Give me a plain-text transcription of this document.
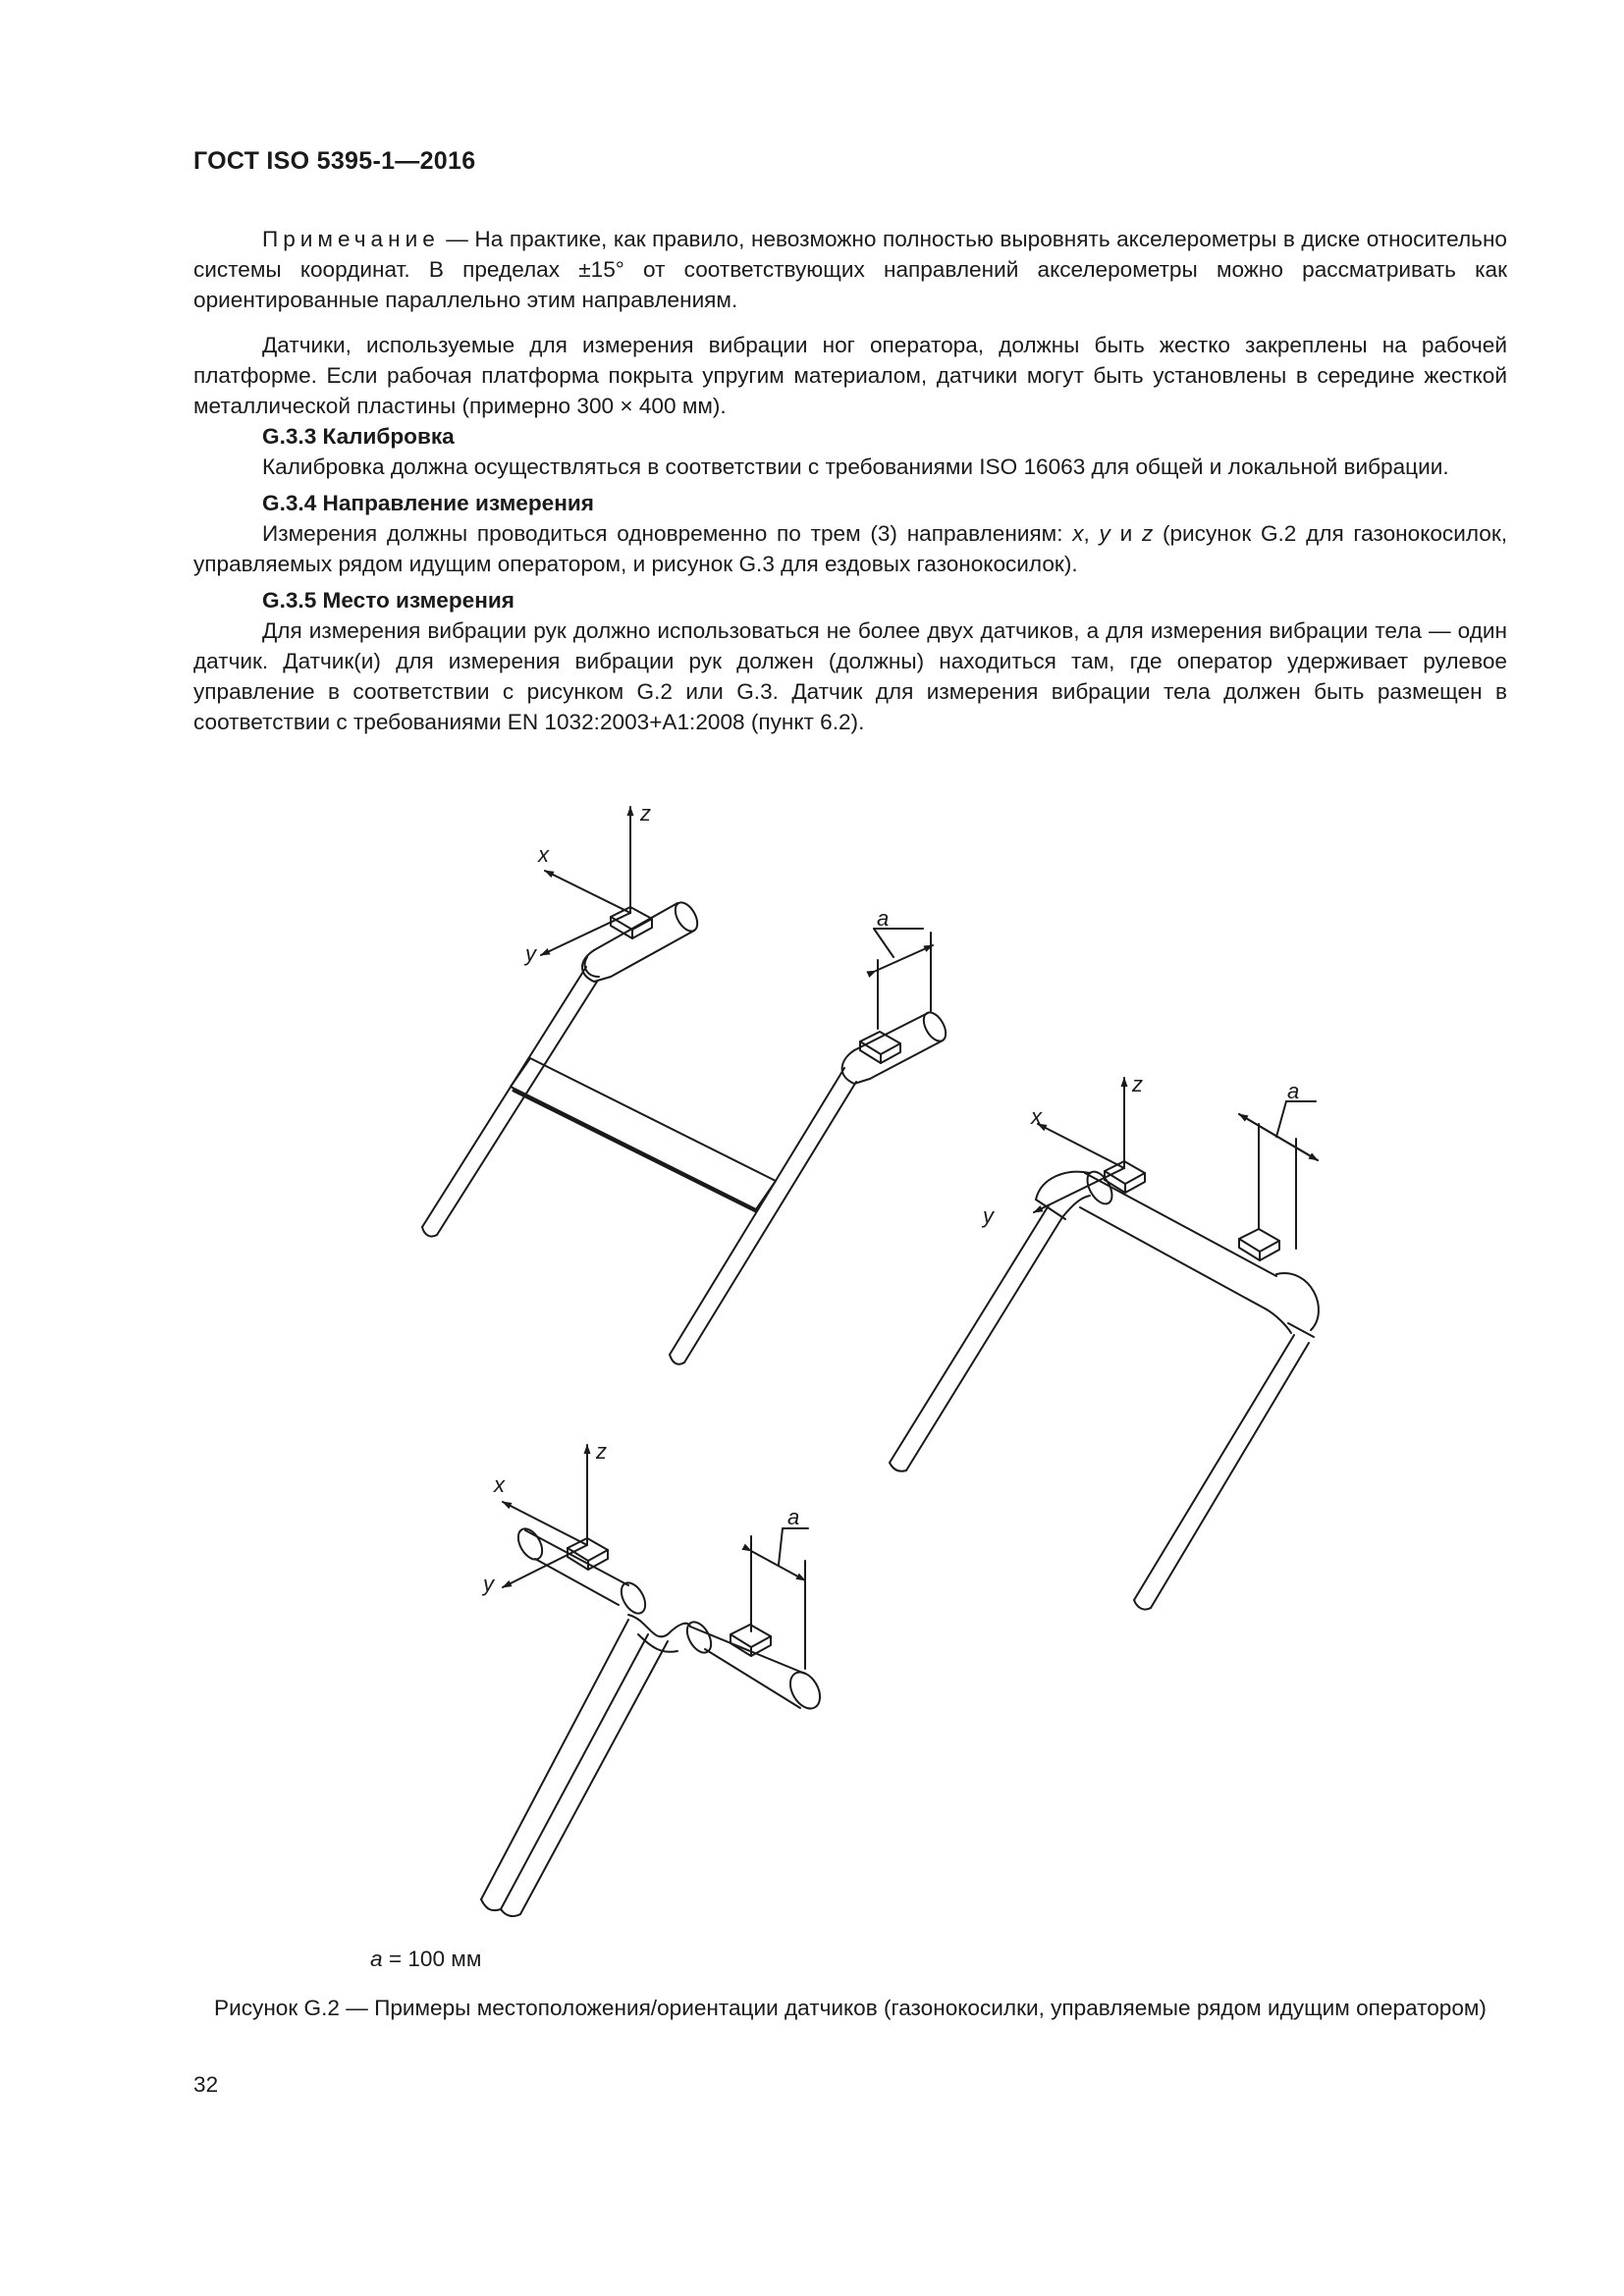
ГОСТ ISO 5395-1—2016

Примечание — На практике, как правило, невозможно полностью выровнять акселерометры в диске относительно системы координат. В пределах ±15° от соответствующих направлений акселерометры можно рассматривать как ориентированные параллельно этим направлениям.

Датчики, используемые для измерения вибрации ног оператора, должны быть жестко закреплены на рабочей платформе. Если рабочая платформа покрыта упругим материалом, датчики могут быть установлены в середине жесткой металлической пластины (примерно 300 × 400 мм).

G.3.3 Калибровка

Калибровка должна осуществляться в соответствии с требованиями ISO 16063 для общей и локальной вибрации.

G.3.4 Направление измерения

Измерения должны проводиться одновременно по трем (3) направлениям: x, y и z (рисунок G.2 для газонокосилок, управляемых рядом идущим оператором, и рисунок G.3 для ездовых газонокосилок).

G.3.5 Место измерения

Для измерения вибрации рук должно использоваться не более двух датчиков, а для измерения вибрации тела — один датчик. Датчик(и) для измерения вибрации рук должен (должны) находиться там, где оператор удерживает рулевое управление в соответствии с рисунком G.2 или G.3. Датчик для измерения вибрации тела должен быть размещен в соответствии с требованиями EN 1032:2003+A1:2008 (пункт 6.2).

z
x
y
a
z
x
y
a
z
x
y
a
a = 100 мм
Рисунок G.2 — Примеры местоположения/ориентации датчиков (газонокосилки, управляемые рядом идущим оператором)
32
